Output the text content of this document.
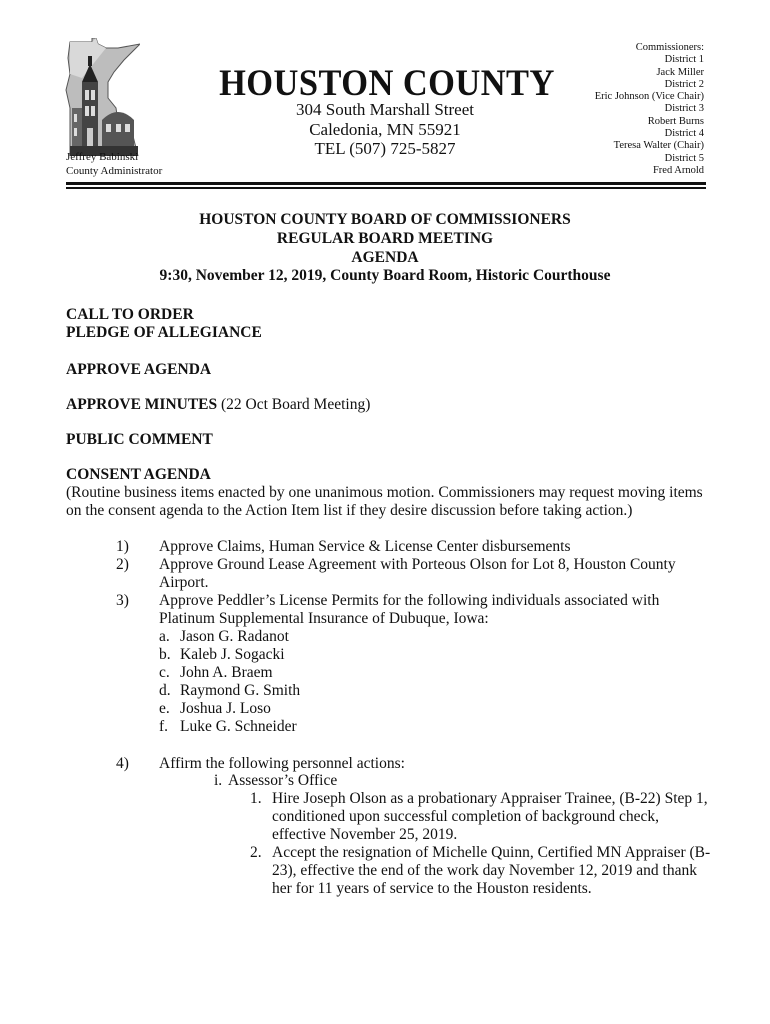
HOUSTON COUNTY
304 South Marshall Street
Caledonia, MN 55921
TEL (507) 725-5827
Jeffrey Babinski
County Administrator
Commissioners:
District 1
Jack Miller
District 2
Eric Johnson (Vice Chair)
District 3
Robert Burns
District 4
Teresa Walter (Chair)
District 5
Fred Arnold
HOUSTON COUNTY BOARD OF COMMISSIONERS
REGULAR BOARD MEETING
AGENDA
9:30, November 12, 2019, County Board Room, Historic Courthouse
CALL TO ORDER
PLEDGE OF ALLEGIANCE
APPROVE AGENDA
APPROVE MINUTES (22 Oct Board Meeting)
PUBLIC COMMENT
CONSENT AGENDA
(Routine business items enacted by one unanimous motion. Commissioners may request moving items
on the consent agenda to the Action Item list if they desire discussion before taking action.)
1) Approve Claims, Human Service & License Center disbursements
2) Approve Ground Lease Agreement with Porteous Olson for Lot 8, Houston County
Airport.
3) Approve Peddler’s License Permits for the following individuals associated with
Platinum Supplemental Insurance of Dubuque, Iowa:
a. Jason G. Radanot
b. Kaleb J. Sogacki
c. John A. Braem
d. Raymond G. Smith
e. Joshua J. Loso
f. Luke G. Schneider
4) Affirm the following personnel actions:
i. Assessor’s Office
1. Hire Joseph Olson as a probationary Appraiser Trainee, (B-22) Step 1,
conditioned upon successful completion of background check,
effective November 25, 2019.
2. Accept the resignation of Michelle Quinn, Certified MN Appraiser (B-
23), effective the end of the work day November 12, 2019 and thank
her for 11 years of service to the Houston residents.
